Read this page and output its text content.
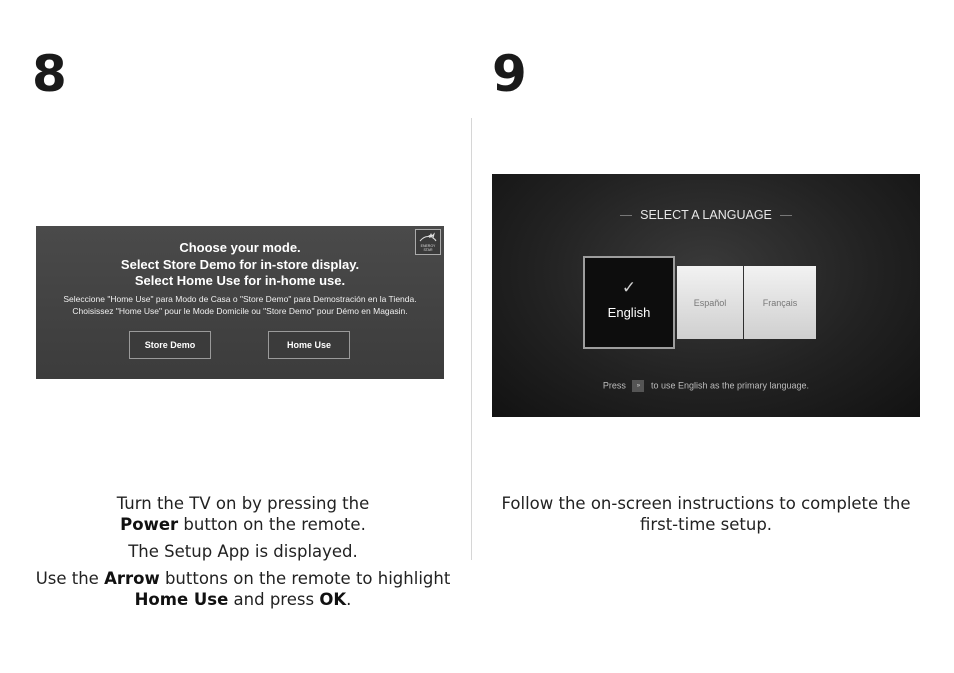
8	9
ENERGY STAR
Choose your mode.
Select Store Demo for in-store display.
Select Home Use for in-home use.
Seleccione "Home Use" para Modo de Casa o "Store Demo" para Demostración en la Tienda.
Choisissez "Home Use" pour le Mode Domicile ou "Store Demo" pour Démo en Magasin.
Store Demo	Home Use
SELECT A LANGUAGE
✓
English
Español	Français
Press » to use English as the primary language.

Turn the TV on by pressing the
Power button on the remote.

The Setup App is displayed.

Use the Arrow buttons on the remote to highlight Home Use and press OK.

Follow the on-screen instructions to complete the first-time setup.
